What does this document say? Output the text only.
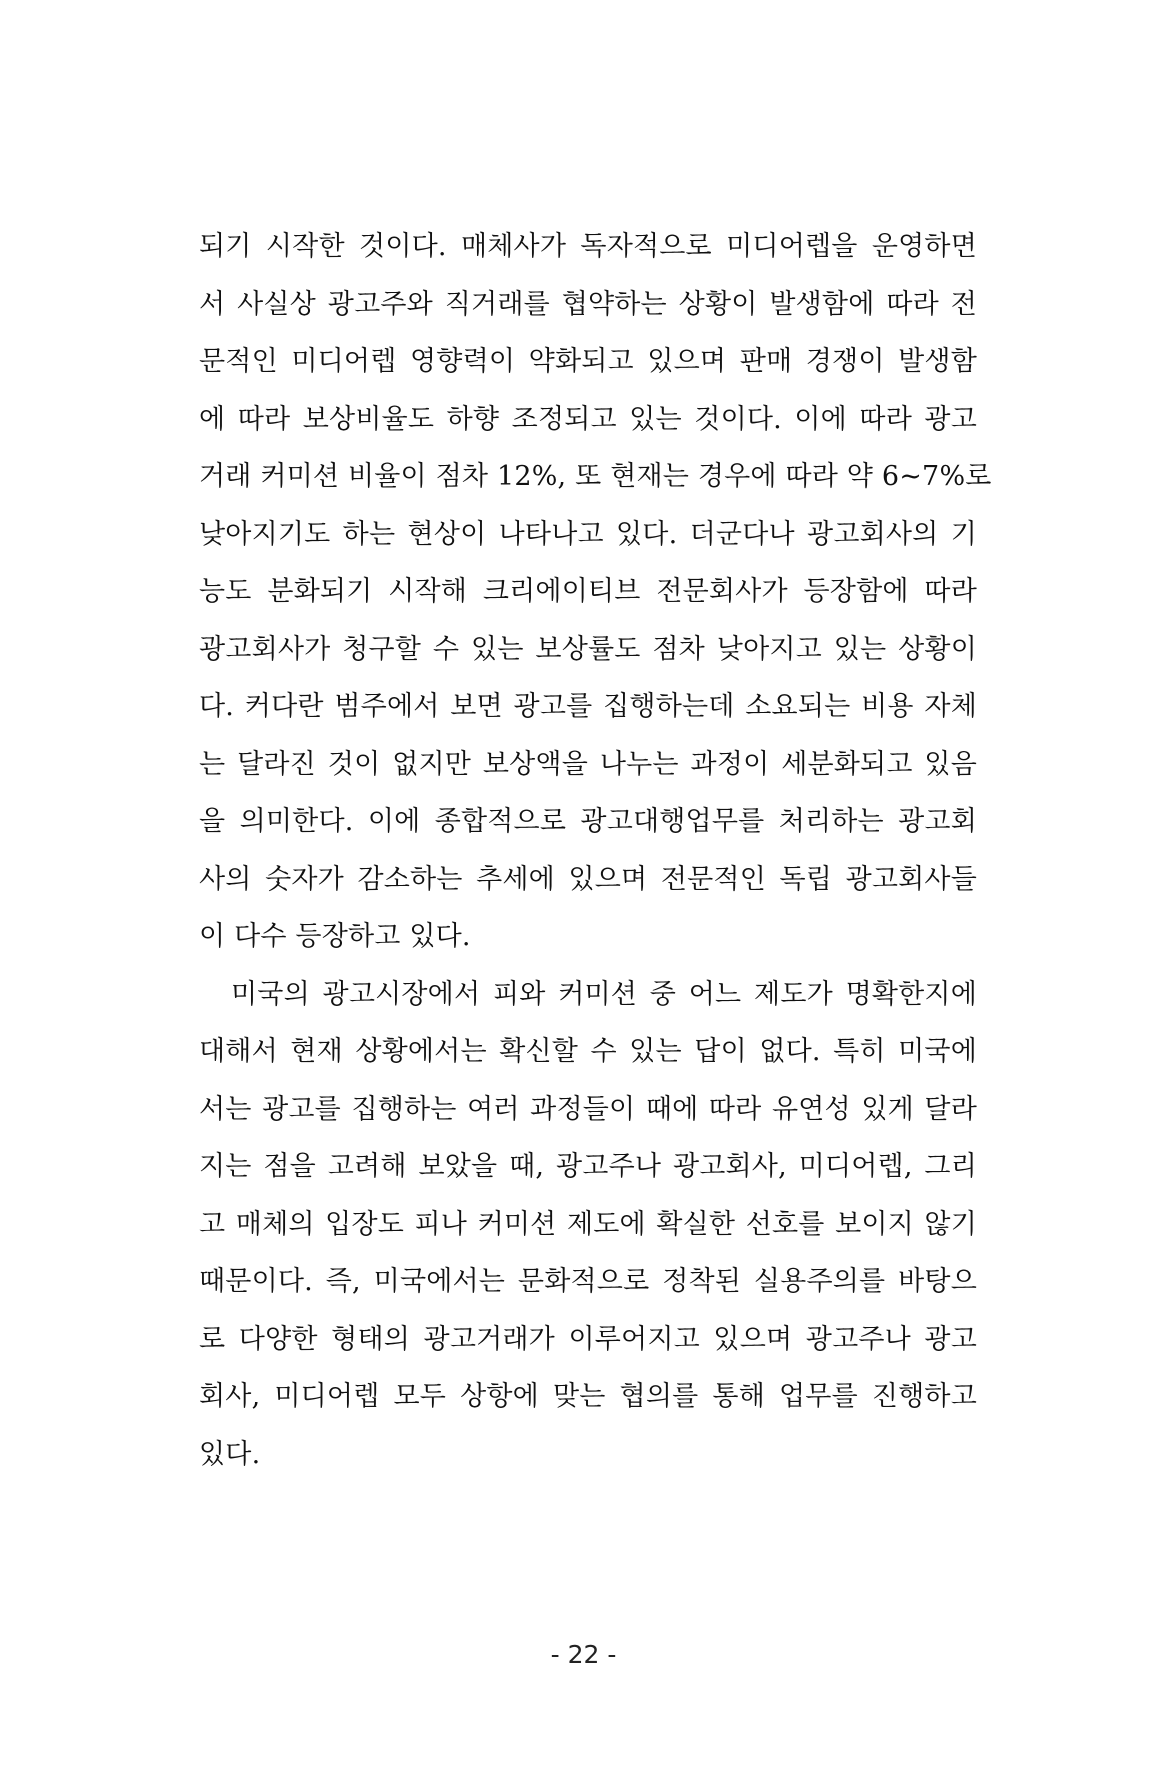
되기 시작한 것이다. 매체사가 독자적으로 미디어렙을 운영하면
서 사실상 광고주와 직거래를 협약하는 상황이 발생함에 따라 전
문적인 미디어렙 영향력이 약화되고 있으며 판매 경쟁이 발생함
에 따라 보상비율도 하향 조정되고 있는 것이다. 이에 따라 광고
거래 커미션 비율이 점차 12%, 또 현재는 경우에 따라 약 6~7%로
낮아지기도 하는 현상이 나타나고 있다. 더군다나 광고회사의 기
능도 분화되기 시작해 크리에이티브 전문회사가 등장함에 따라
광고회사가 청구할 수 있는 보상률도 점차 낮아지고 있는 상황이
다. 커다란 범주에서 보면 광고를 집행하는데 소요되는 비용 자체
는 달라진 것이 없지만 보상액을 나누는 과정이 세분화되고 있음
을 의미한다. 이에 종합적으로 광고대행업무를 처리하는 광고회
사의 숫자가 감소하는 추세에 있으며 전문적인 독립 광고회사들
이 다수 등장하고 있다.
미국의 광고시장에서 피와 커미션 중 어느 제도가 명확한지에
대해서 현재 상황에서는 확신할 수 있는 답이 없다. 특히 미국에
서는 광고를 집행하는 여러 과정들이 때에 따라 유연성 있게 달라
지는 점을 고려해 보았을 때, 광고주나 광고회사, 미디어렙, 그리
고 매체의 입장도 피나 커미션 제도에 확실한 선호를 보이지 않기
때문이다. 즉, 미국에서는 문화적으로 정착된 실용주의를 바탕으
로 다양한 형태의 광고거래가 이루어지고 있으며 광고주나 광고
회사, 미디어렙 모두 상항에 맞는 협의를 통해 업무를 진행하고
있다.
- 22 -
